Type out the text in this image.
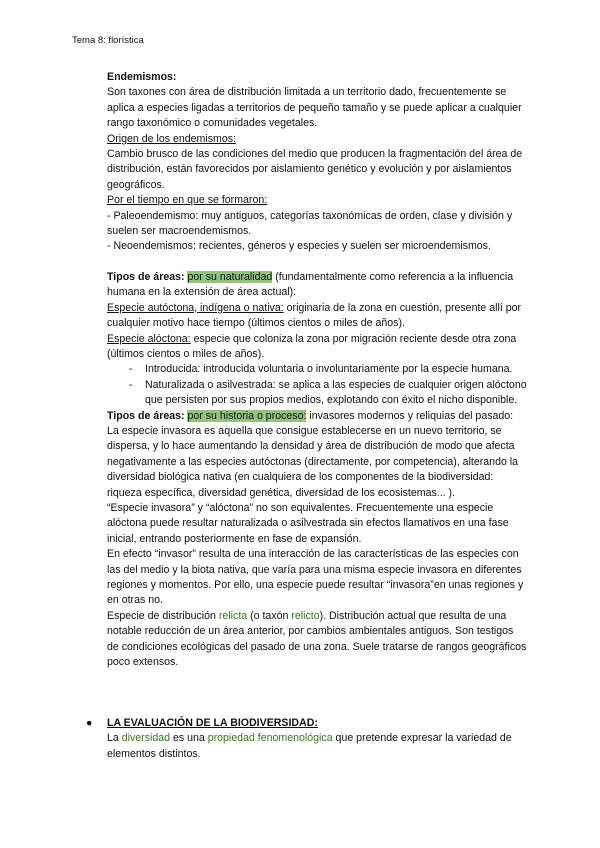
Tema 8: florística

Endemismos:

Son taxones con área de distribución limitada a un territorio dado, frecuentemente se aplica a especies ligadas a territorios de pequeño tamaño y se puede aplicar a cualquier rango taxonómico o comunidades vegetales.

Origen de los endemismos:

Cambio brusco de las condiciones del medio que producen la fragmentación del área de distribución, están favorecidos por aislamiento genético y evolución y por aislamientos geográficos.

Por el tiempo en que se formaron:

- Paleoendemismo: muy antiguos, categorías taxonómicas de orden, clase y división y suelen ser macroendemismos.

- Neoendemismos: recientes, géneros y especies y suelen ser microendemismos.

Tipos de áreas: por su naturalidad (fundamentalmente como referencia a la influencia humana en la extensión de área actual):

Especie autóctona, indígena o nativa: originaria de la zona en cuestión, presente allí por cualquier motivo hace tiempo (últimos cientos o miles de años).

Especie alóctona: especie que coloniza la zona por migración reciente desde otra zona (últimos cientos o miles de años).

- Introducida: introducida voluntaria o involuntariamente por la especie humana.

- Naturalizada o asilvestrada: se aplica a las especies de cualquier origen alóctono que persisten por sus propios medios, explotando con éxito el nicho disponible.

Tipos de áreas: por su historia o proceso: invasores modernos y reliquias del pasado:

La especie invasora es aquella que consigue establecerse en un nuevo territorio, se dispersa, y lo hace aumentando la densidad y área de distribución de modo que afecta negativamente a las especies autóctonas (directamente, por competencia), alterando la diversidad biológica nativa (en cualquiera de los componentes de la biodiversidad: riqueza específica, diversidad genética, diversidad de los ecosistemas... ).

“Especie invasora” y “alóctona” no son equivalentes. Frecuentemente una especie alóctona puede resultar naturalizada o asilvestrada sin efectos llamativos en una fase inicial, entrando posteriormente en fase de expansión.

En efecto “invasor” resulta de una interacción de las características de las especies con las del medio y la biota nativa, que varía para una misma especie invasora en diferentes regiones y momentos. Por ello, una especie puede resultar “invasora”en unas regiones y en otras no.

Especie de distribución relicta (o taxón relicto). Distribución actual que resulta de una notable reducción de un área anterior, por cambios ambientales antiguos. Son testigos de condiciones ecológicas del pasado de una zona. Suele tratarse de rangos geográficos poco extensos.

● LA EVALUACIÓN DE LA BIODIVERSIDAD:

La diversidad es una propiedad fenomenológica que pretende expresar la variedad de elementos distintos.
